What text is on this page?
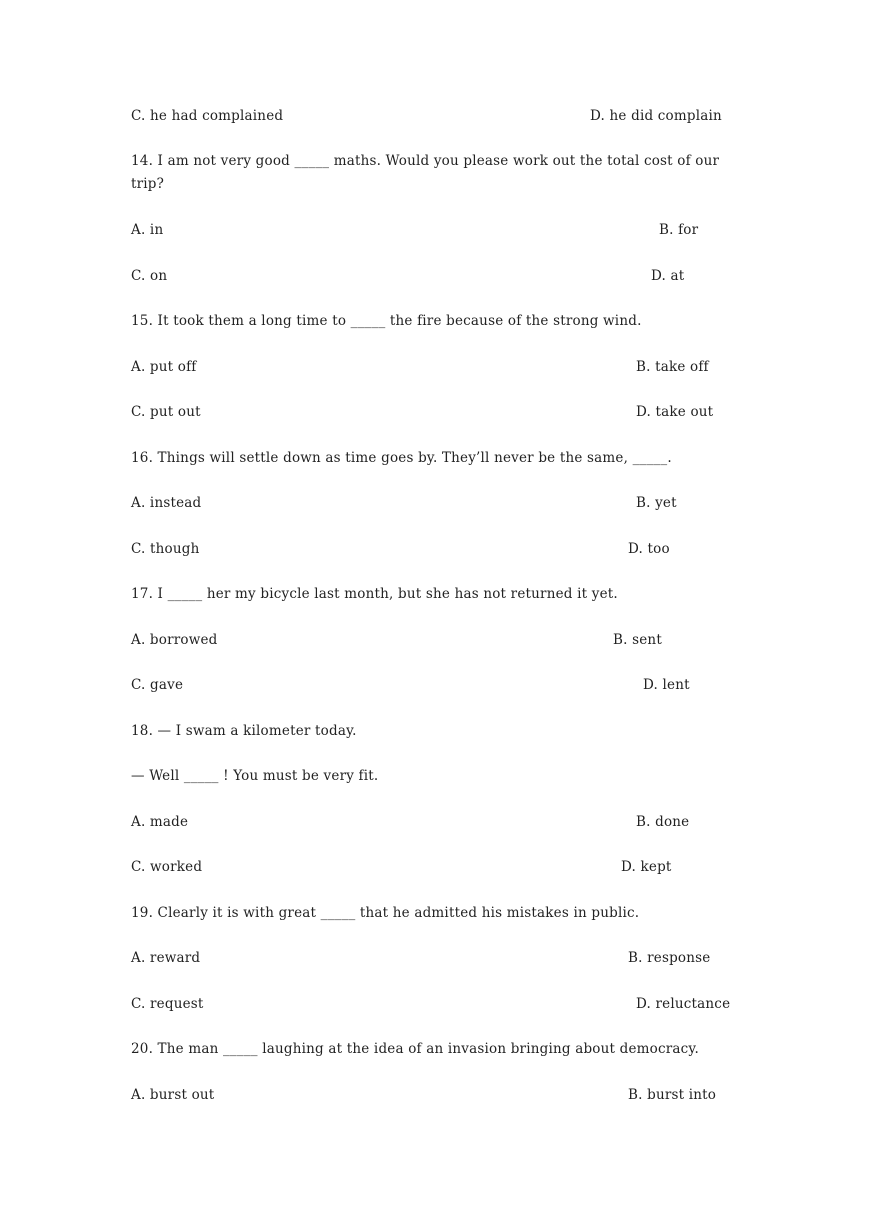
C. he had complained	D. he did complain
14. I am not very good _____ maths. Would you please work out the total cost of our trip?
A. in	B. for
C. on	D. at
15. It took them a long time to _____ the fire because of the strong wind.
A. put off	B. take off
C. put out	D. take out
16. Things will settle down as time goes by. They’ll never be the same, _____.
A. instead	B. yet
C. though	D. too
17. I _____ her my bicycle last month, but she has not returned it yet.
A. borrowed	B. sent
C. gave	D. lent
18. — I swam a kilometer today.
— Well _____ ! You must be very fit.
A. made	B. done
C. worked	D. kept
19. Clearly it is with great _____ that he admitted his mistakes in public.
A. reward	B. response
C. request	D. reluctance
20. The man _____ laughing at the idea of an invasion bringing about democracy.
A. burst out	B. burst into
